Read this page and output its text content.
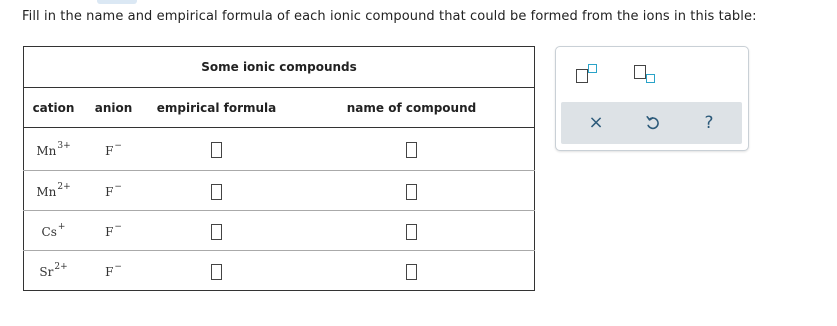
Fill in the name and empirical formula of each ionic compound that could be formed from the ions in this table:
Some ionic compounds			
cation	anion	empirical formula	name of compound
$Mn^{3+}$	F−		
$Mn^{2+}$	F−		
Cs+	F−		
$Sr^{2+}$	F−		
×	?
